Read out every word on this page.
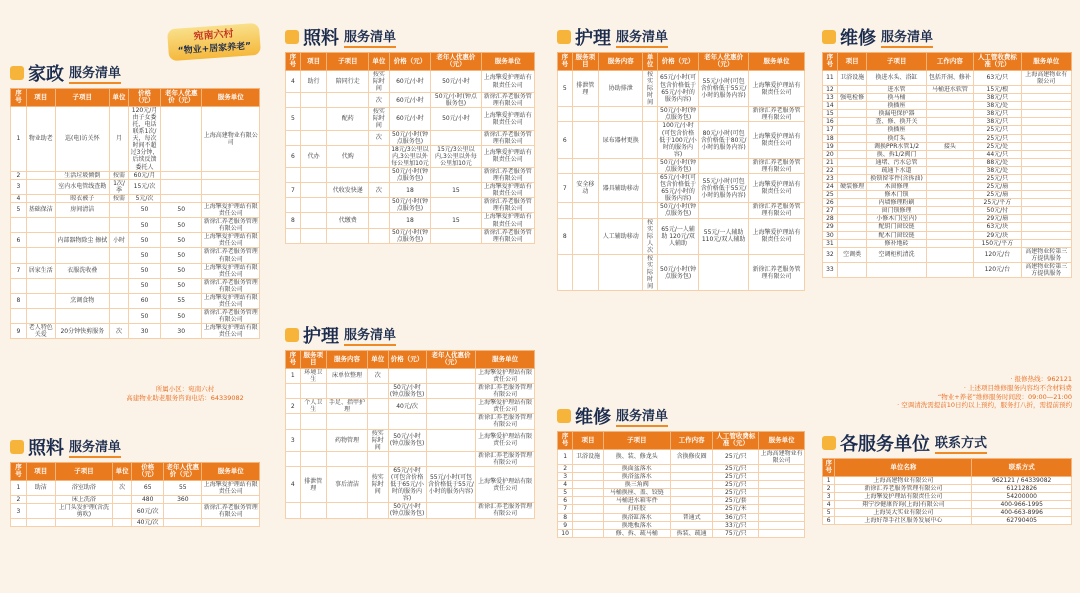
宛南六村
“物业+居家养老”
家政 服务清单
序号	项目	子项目	单位	价格（元）	老年人优惠价（元）	服务单位
1	物业助老	巡(电)访关怀	月	120元/月 由子女委托，电话联系1次/天，每次时间不超过3分钟，后续反馈委托人		上海高建物业有限公司
2		生活垃圾倾倒	按需	60元/月		
3		室内水电管线查勘	1次/季	15元/次		
4		晾衣被子	按需	5元/次		
5	基础保洁	房间清洁		50	50	上海擎爱护理站有限责任公司
				50	50	新徐汇养老服务管理有限公司
6		内部器物除尘 擦拭	小时	50	50	上海擎爱护理站有限责任公司
				50	50	新徐汇养老服务管理有限公司
7	居家生活	衣服洗收叠		50	50	上海擎爱护理站有限责任公司
				50	50	新徐汇养老服务管理有限公司
8		烹调食物		60	55	上海擎爱护理站有限责任公司
				50	50	新徐汇养老服务管理有限公司
9	老人特色关爱	20分钟快剪服务	次	30	30	上海擎爱护理站有限责任公司
所属小区：宛南六村
高建物业助老服务咨询电话：64339082
照料 服务清单
序号	项目	子项目	单位	价格（元）	老年人优惠价（元）	服务单位
1	助洁	浴室助浴	次	65	55	上海擎爱护理站有限责任公司
2		床上洗浴		480	360	
3		上门头发护理(含洗剪吹)		60元/次		新徐汇养老服务管理有限公司
				40元/次		
照料 服务清单
序号	项目	子项目	单位	价格（元）	老年人优惠价（元）	服务单位
4	助行	陪同行走	按实际时间	60元/小时	50元/小时	上海擎爱护理站有限责任公司
			次	60元/小时	50元/小时(钟点服务包)	新徐汇养老服务管理有限公司
5		配药	按实际时间	60元/小时	50元/小时	上海擎爱护理站有限责任公司
			次	50元/小时(钟点服务包)		新徐汇养老服务管理有限公司
6	代办	代购		18元/3公里以内,3公里以外每公里加10元	15元/3公里以内,3公里以外每公里加10元	上海擎爱护理站有限责任公司
				50元/小时(钟点服务包)		新徐汇养老服务管理有限公司
7		代收发快递	次	18	15	上海擎爱护理站有限责任公司
				50元/小时(钟点服务包)		新徐汇养老服务管理有限公司
8		代缴费		18	15	上海擎爱护理站有限责任公司
				50元/小时(钟点服务包)		新徐汇养老服务管理有限公司
护理 服务清单
序号	服务项目	服务内容	单位	价格（元）	老年人优惠价（元）	服务单位
1	环境卫生	床单位整理	次			上海擎爱护理站有限责任公司
				50元/小时(钟点服务包)		新徐汇养老服务管理有限公司
2	个人卫生	手足、指甲护理		40元/次		上海擎爱护理站有限责任公司
						新徐汇养老服务管理有限公司
3		药物管理	按实际时间	50元/小时(钟点服务包)		上海擎爱护理站有限责任公司
						新徐汇养老服务管理有限公司
4	排泄管理	事后清洁	按实际时间	65元/小时(可包含价格低于65元/小时的服务内容)	55元/小时(可包含价格低于55元/小时的服务内容)	上海擎爱护理站有限责任公司
				50元/小时(钟点服务包)		新徐汇养老服务管理有限公司
护理 服务清单
序号	服务项目	服务内容	单位	价格（元）	老年人优惠价（元）	服务单位
5	排泄管理	协助排泄	按实际时间	65元/小时(可包含价格低于65元/小时的服务内容)	55元/小时(可包含价格低于55元/小时的服务内容)	上海擎爱护理站有限责任公司
				50元/小时(钟点服务包)		新徐汇养老服务管理有限公司
6		尿布器材更换		100元/小时(可包含价格低于100元/小时的服务内容)	80元/小时(可包含价格低于80元/小时的服务内容)	上海擎爱护理站有限责任公司
				50元/小时(钟点服务包)		新徐汇养老服务管理有限公司
7	安全移动	器具辅助移动		65元/小时(可包含价格低于65元/小时的服务内容)	55元/小时(可包含价格低于55元/小时的服务内容)	上海擎爱护理站有限责任公司
				50元/小时(钟点服务包)		新徐汇养老服务管理有限公司
8		人工辅助移动	按实际人次	65元/一人辅助 120元/双人辅助	55元/一人辅助 110元/双人辅助	上海擎爱护理站有限责任公司
			按实际时间	50元/小时(钟点服务包)		新徐汇养老服务管理有限公司
维修 服务清单
序号	项目	子项目	工作内容	人工管收费标准（元）	服务单位
1	卫浴设施	换、装、修龙头	含换修皮圈	25元/只	上海高建物业有限公司
2		换面盆落水		25元/只	
3		换浴盆落水		25元/只	
4		换三角阀		25元/只	
5		马桶换座、盖、铰链		25元/只	
6		马桶进水箱零件		25元/套	
7		打硅胶		25元/米	
8		换浴缸落水	普通式	36元/只	
9		换地板落水		33元/只	
10		修、拆、疏马桶	拆装、疏通	75元/只	
维修 服务清单
序号	项目	子项目	工作内容	人工管收费标准（元）	服务单位
11	卫浴设施	换进水头、浴缸	包括开洞、修补	63元/只	上海高建物业有限公司
12		进水管	马桶进水软管	15元/根	
13	强电检修	换马桶		38元/只	
14		换插座		38元/处	
15		换漏电保护器		38元/只	
16		查、修、换开关		38元/只	
17		换插座		25元/只	
18		换灯头		25元/只	
19		调换PPR水管1/2	接头	25元/处	
20		换、拆1/2阀门		44元/只	
21		通堵、污水总管		88元/处	
22		疏通下水道		38元/处	
23		换锁留零件(含拆油)		25元/只	
24	硬装修理	木窗修理		25元/扇	
25		修木门锁		25元/扇	
26		内墙修理粉刷		25元/平方	
27		窗门锁修理		50元/付	
28		小修木门(室内)		29元/扇	
29		配钥门窗铰链		63元/块	
30		配木门窗铰链		29元/块	
31		修补地砖		150元/平方	
32	空调类	空调柜机清洗		120元/台	高建物业转第三方提供服务
33				120元/台	高建物业转第三方提供服务
· 报修热线：962121
· 上述项目维修服务内容均不含材料费
“物业+养老”维修服务时间段：09:00—21:00
· 空调清洗需提前10日约以上预约，服务打八折，需提前预约
各服务单位 联系方式
序号	单位名称	联系方式
1	上海高建物业有限公司	962121 / 64339082
2	新徐汇养老服务管理有限公司	61212826
3	上海擎爱护理站有限责任公司	54200000
4	翔宁沙健康咨询(上海)有限公司	400-966-1995
5	上海昊大实业有限公司	400-663-8996
6	上海好帮手社区服务发展中心	62790405
